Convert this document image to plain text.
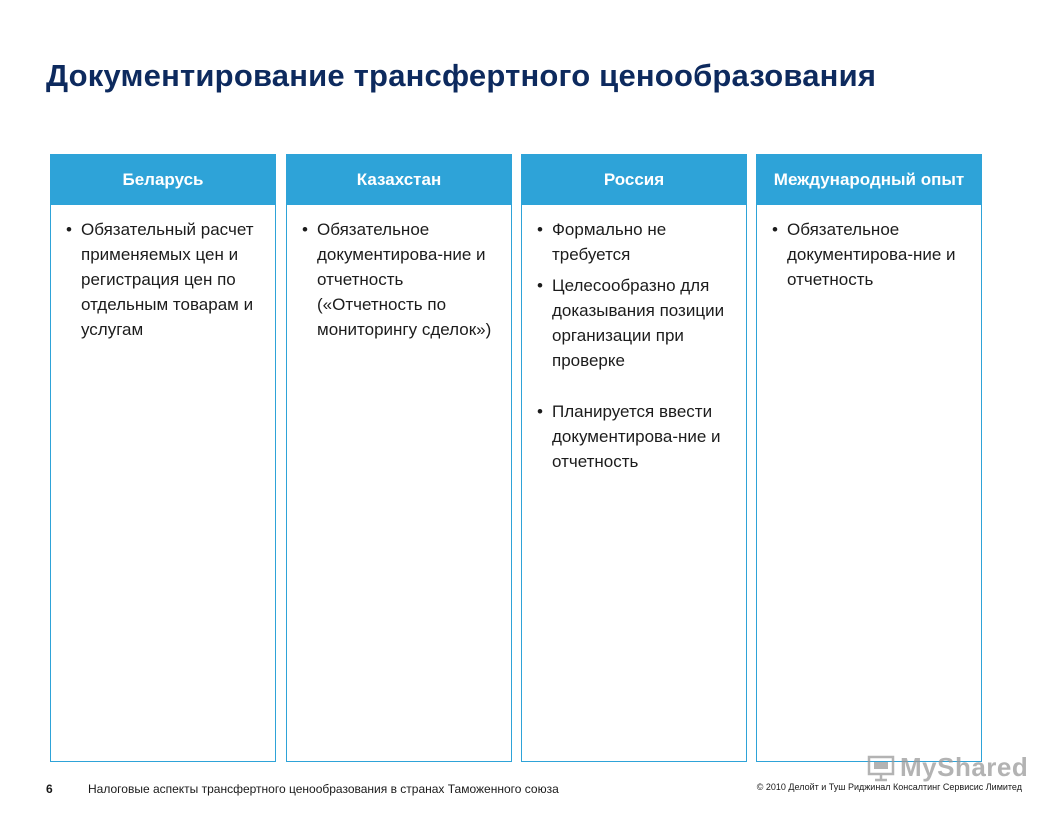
Документирование трансфертного ценообразования
Беларусь
• Обязательный расчет применяемых цен и регистрация цен по отдельным товарам и услугам
Казахстан
• Обязательное документирова-ние и отчетность («Отчетность по мониторингу сделок»)
Россия
• Формально не требуется
• Целесообразно для доказывания позиции организации при проверке
• Планируется ввести документирова-ние и отчетность
Международный опыт
• Обязательное документирова-ние и отчетность
6	Налоговые аспекты трансфертного ценообразования в странах Таможенного союза	© 2010 Делойт и Туш Риджинал Консалтинг Сервисис Лимитед
MyShared
